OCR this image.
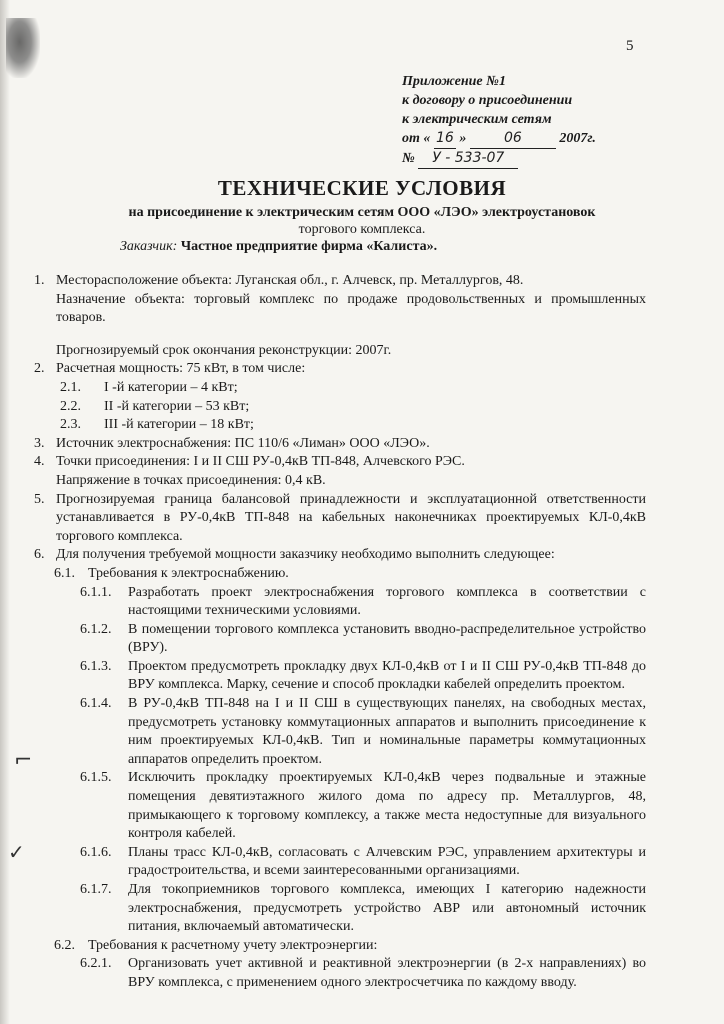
5
Приложение №1
к договору о присоединении
к электрическим сетям
от « 16 »	06	2007г.
№ У - 533-07
ТЕХНИЧЕСКИЕ УСЛОВИЯ
на присоединение к электрическим сетям ООО «ЛЭО» электроустановок
торгового комплекса.
Заказчик: Частное предприятие фирма «Калиста».
1. Месторасположение объекта: Луганская обл., г. Алчевск, пр. Металлургов, 48.
Назначение объекта: торговый комплекс по продаже продовольственных и промышленных товаров.
Прогнозируемый срок окончания реконструкции: 2007г.
2. Расчетная мощность: 75 кВт, в том числе:
2.1.	I -й категории – 4 кВт;
2.2.	II -й категории – 53 кВт;
2.3.	III -й категории – 18 кВт;
3. Источник электроснабжения: ПС 110/6 «Лиман» ООО «ЛЭО».
4. Точки присоединения: I и II СШ РУ-0,4кВ ТП-848, Алчевского РЭС.
Напряжение в точках присоединения: 0,4 кВ.
5. Прогнозируемая граница балансовой принадлежности и эксплуатационной ответственности устанавливается в РУ-0,4кВ ТП-848 на кабельных наконечниках проектируемых КЛ-0,4кВ торгового комплекса.
6. Для получения требуемой мощности заказчику необходимо выполнить следующее:
6.1. Требования к электроснабжению.
6.1.1.	Разработать проект электроснабжения торгового комплекса в соответствии с настоящими техническими условиями.
6.1.2.	В помещении торгового комплекса установить вводно-распределительное устройство (ВРУ).
6.1.3.	Проектом предусмотреть прокладку двух КЛ-0,4кВ от I и II СШ РУ-0,4кВ ТП-848 до ВРУ комплекса. Марку, сечение и способ прокладки кабелей определить проектом.
6.1.4.	В РУ-0,4кВ ТП-848 на I и II СШ в существующих панелях, на свободных местах, предусмотреть установку коммутационных аппаратов и выполнить присоединение к ним проектируемых КЛ-0,4кВ. Тип и номинальные параметры коммутационных аппаратов определить проектом.
6.1.5.	Исключить прокладку проектируемых КЛ-0,4кВ через подвальные и этажные помещения девятиэтажного жилого дома по адресу пр. Металлургов, 48, примыкающего к торговому комплексу, а также места недоступные для визуального контроля кабелей.
6.1.6.	Планы трасс КЛ-0,4кВ, согласовать с Алчевским РЭС, управлением архитектуры и градостроительства, и всеми заинтересованными организациями.
6.1.7.	Для токоприемников торгового комплекса, имеющих I категорию надежности электроснабжения, предусмотреть устройство АВР или автономный источник питания, включаемый автоматически.
6.2. Требования к расчетному учету электроэнергии:
6.2.1.	Организовать учет активной и реактивной электроэнергии (в 2-х направлениях) во ВРУ комплекса, с применением одного электросчетчика по каждому вводу.
⌐
✓
